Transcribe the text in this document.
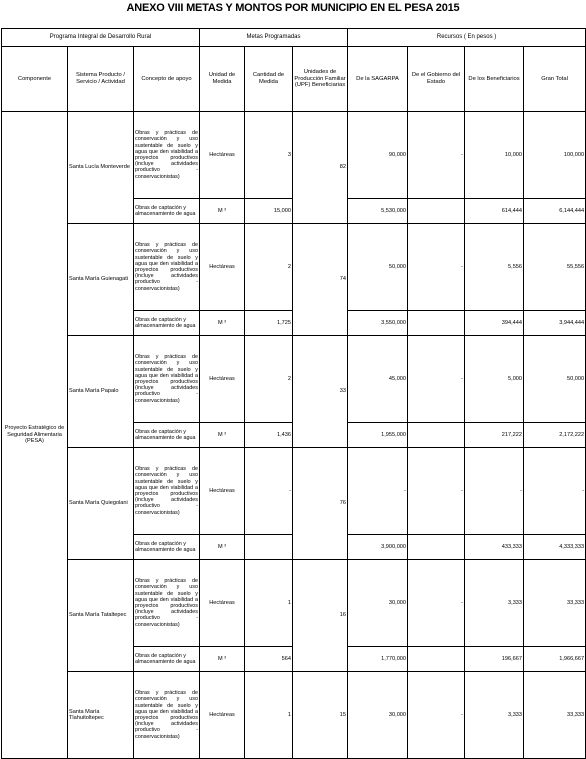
ANEXO VIII METAS Y MONTOS POR MUNICIPIO EN EL PESA 2015
Programa Integral de Desarrollo Rural			Metas Programadas			Recursos ( En pesos )			
Componente	Sistema Producto / Servicio / Actividad	Concepto de apoyo	Unidad de Medida	Cantidad de Medida	Unidades de Producción Familiar (UPF) Beneficiarias	De la SAGARPA	De el Gobierno del Estado	De los Beneficiarios	Gran Total
Proyecto Estratégico de Seguridad Alimentaria (PESA)	Santa Lucía Monteverde	Obras y prácticas de conservación y uso sustentable de suelo y agua que den viabilidad a proyectos productivos (incluye actividades productivo - conservacionistas)	Hectáreas	3	82	90,000	-	10,000	100,000
		Obras de captación y almacenamiento de agua	M ³	15,000		5,530,000		614,444	6,144,444
	Santa María Guienagati	Obras y prácticas de conservación y uso sustentable de suelo y agua que den viabilidad a proyectos productivos (incluye actividades productivo - conservacionistas)	Hectáreas	2	74	50,000	-	5,556	55,556
		Obras de captación y almacenamiento de agua	M ³	1,725		3,550,000		394,444	3,944,444
	Santa María Papalo	Obras y prácticas de conservación y uso sustentable de suelo y agua que den viabilidad a proyectos productivos (incluye actividades productivo - conservacionistas)	Hectáreas	2	33	45,000	-	5,000	50,000
		Obras de captación y almacenamiento de agua	M ³	1,436		1,955,000		217,222	2,172,222
	Santa María Quiegolani	Obras y prácticas de conservación y uso sustentable de suelo y agua que den viabilidad a proyectos productivos (incluye actividades productivo - conservacionistas)	Hectáreas	-	76	-	-	-	-
		Obras de captación y almacenamiento de agua	M ³			3,900,000		433,333	4,333,333
	Santa María Tataltepec	Obras y prácticas de conservación y uso sustentable de suelo y agua que den viabilidad a proyectos productivos (incluye actividades productivo - conservacionistas)	Hectáreas	1	16	30,000	-	3,333	33,333
		Obras de captación y almacenamiento de agua	M ³	564		1,770,000		196,667	1,966,667
	Santa María Tlahuitoltepec	Obras y prácticas de conservación y uso sustentable de suelo y agua que den viabilidad a proyectos productivos (incluye actividades productivo - conservacionistas)	Hectáreas	1	15	30,000	-	3,333	33,333
